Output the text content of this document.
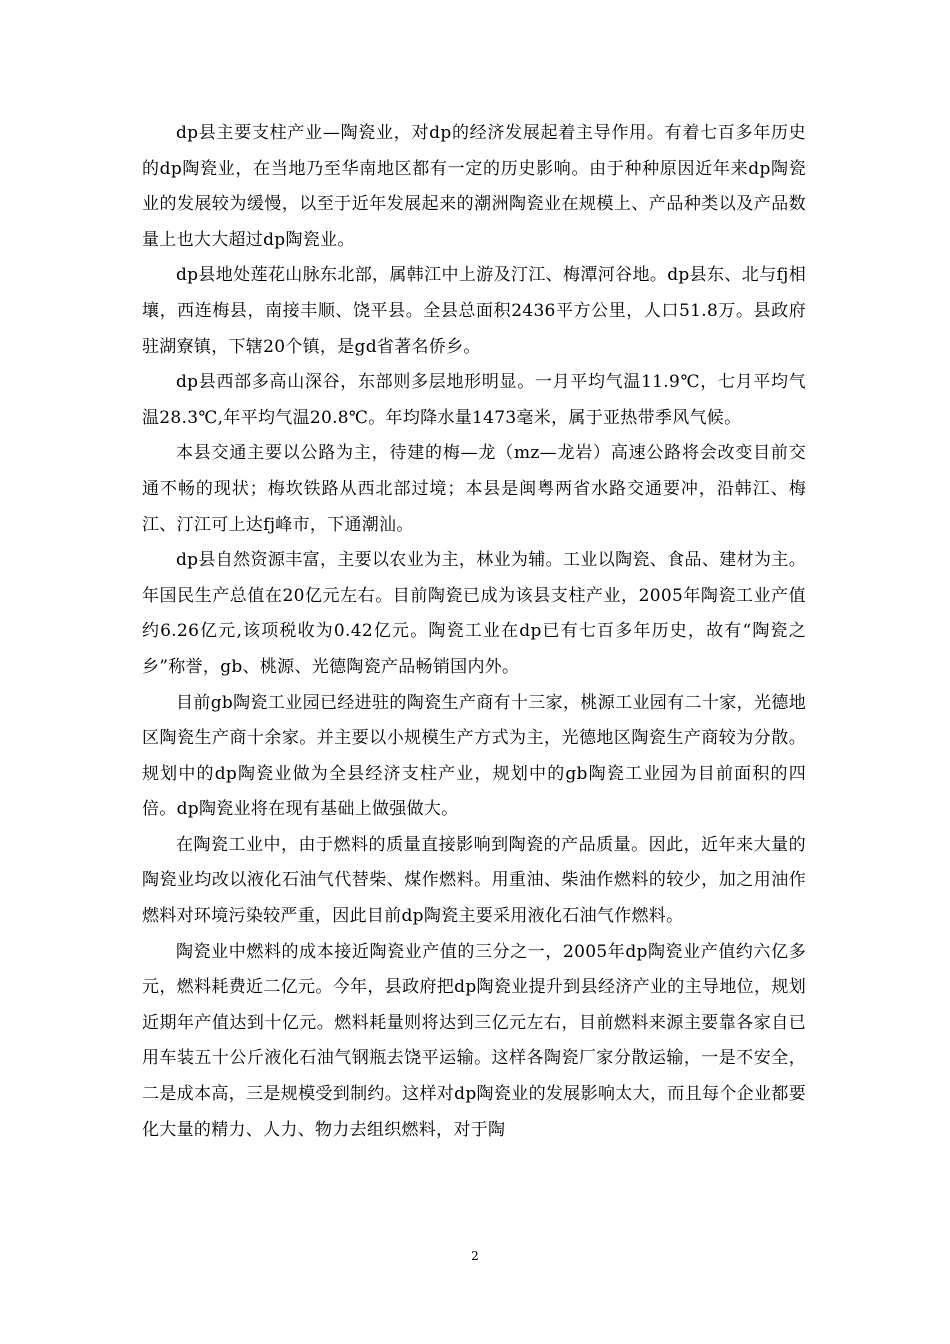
dp县主要支柱产业—陶瓷业，对dp的经济发展起着主导作用。有着七百多年历史的dp陶瓷业，在当地乃至华南地区都有一定的历史影响。由于种种原因近年来dp陶瓷业的发展较为缓慢，以至于近年发展起来的潮洲陶瓷业在规模上、产品种类以及产品数量上也大大超过dp陶瓷业。

dp县地处莲花山脉东北部，属韩江中上游及汀江、梅潭河谷地。dp县东、北与fj相壤，西连梅县，南接丰顺、饶平县。全县总面积2436平方公里，人口51.8万。县政府驻湖寮镇，下辖20个镇，是gd省著名侨乡。

dp县西部多高山深谷，东部则多层地形明显。一月平均气温11.9℃，七月平均气温28.3℃,年平均气温20.8℃。年均降水量1473毫米，属于亚热带季风气候。

本县交通主要以公路为主，待建的梅—龙（mz—龙岩）高速公路将会改变目前交通不畅的现状；梅坎铁路从西北部过境；本县是闽粤两省水路交通要冲，沿韩江、梅江、汀江可上达fj峰市，下通潮汕。

dp县自然资源丰富，主要以农业为主，林业为辅。工业以陶瓷、食品、建材为主。年国民生产总值在20亿元左右。目前陶瓷已成为该县支柱产业，2005年陶瓷工业产值约6.26亿元,该项税收为0.42亿元。陶瓷工业在dp已有七百多年历史，故有“陶瓷之乡”称誉，gb、桃源、光德陶瓷产品畅销国内外。

目前gb陶瓷工业园已经进驻的陶瓷生产商有十三家，桃源工业园有二十家，光德地区陶瓷生产商十余家。并主要以小规模生产方式为主，光德地区陶瓷生产商较为分散。规划中的dp陶瓷业做为全县经济支柱产业，规划中的gb陶瓷工业园为目前面积的四倍。dp陶瓷业将在现有基础上做强做大。

在陶瓷工业中，由于燃料的质量直接影响到陶瓷的产品质量。因此，近年来大量的陶瓷业均改以液化石油气代替柴、煤作燃料。用重油、柴油作燃料的较少，加之用油作燃料对环境污染较严重，因此目前dp陶瓷主要采用液化石油气作燃料。

陶瓷业中燃料的成本接近陶瓷业产值的三分之一，2005年dp陶瓷业产值约六亿多元，燃料耗费近二亿元。今年，县政府把dp陶瓷业提升到县经济产业的主导地位，规划近期年产值达到十亿元。燃料耗量则将达到三亿元左右，目前燃料来源主要靠各家自已用车装五十公斤液化石油气钢瓶去饶平运输。这样各陶瓷厂家分散运输，一是不安全，二是成本高，三是规模受到制约。这样对dp陶瓷业的发展影响太大，而且每个企业都要化大量的精力、人力、物力去组织燃料，对于陶

2
